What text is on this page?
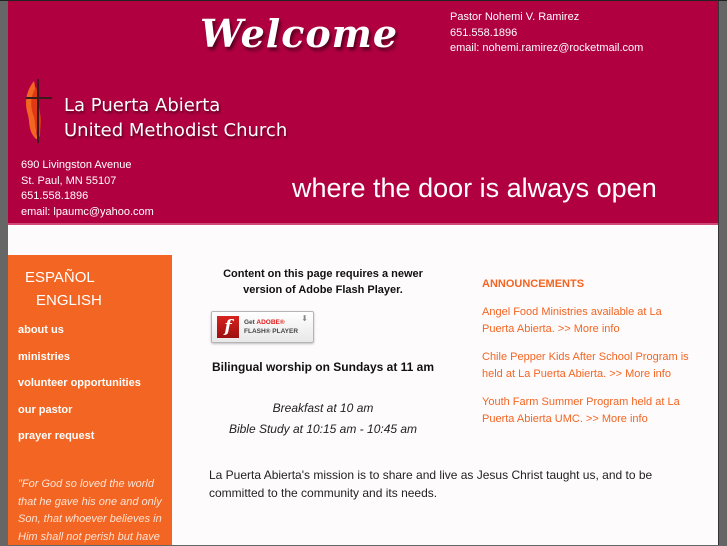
Welcome	Pastor Nohemi V. Ramirez
651.558.1896
email: nohemi.ramirez@rocketmail.com
La Puerta Abierta
United Methodist Church
690 Livingston Avenue
St. Paul, MN 55107
651.558.1896
email: lpaumc@yahoo.com
where the door is always open
ESPAÑOL
ENGLISH
about us
ministries
volunteer opportunities
our pastor
prayer request
"For God so loved the world that he gave his one and only Son, that whoever believes in Him shall not perish but have
Content on this page requires a newer version of Adobe Flash Player.
f	Get ADOBE®
FLASH® PLAYER
⬇
Bilingual worship on Sundays at 11 am
Breakfast at 10 am
Bible Study at 10:15 am - 10:45 am
ANNOUNCEMENTS
Angel Food Ministries available at La Puerta Abierta. >> More info
Chile Pepper Kids After School Program is held at La Puerta Abierta. >> More info
Youth Farm Summer Program held at La Puerta Abierta UMC. >> More info
La Puerta Abierta's mission is to share and live as Jesus Christ taught us, and to be committed to the community and its needs.
